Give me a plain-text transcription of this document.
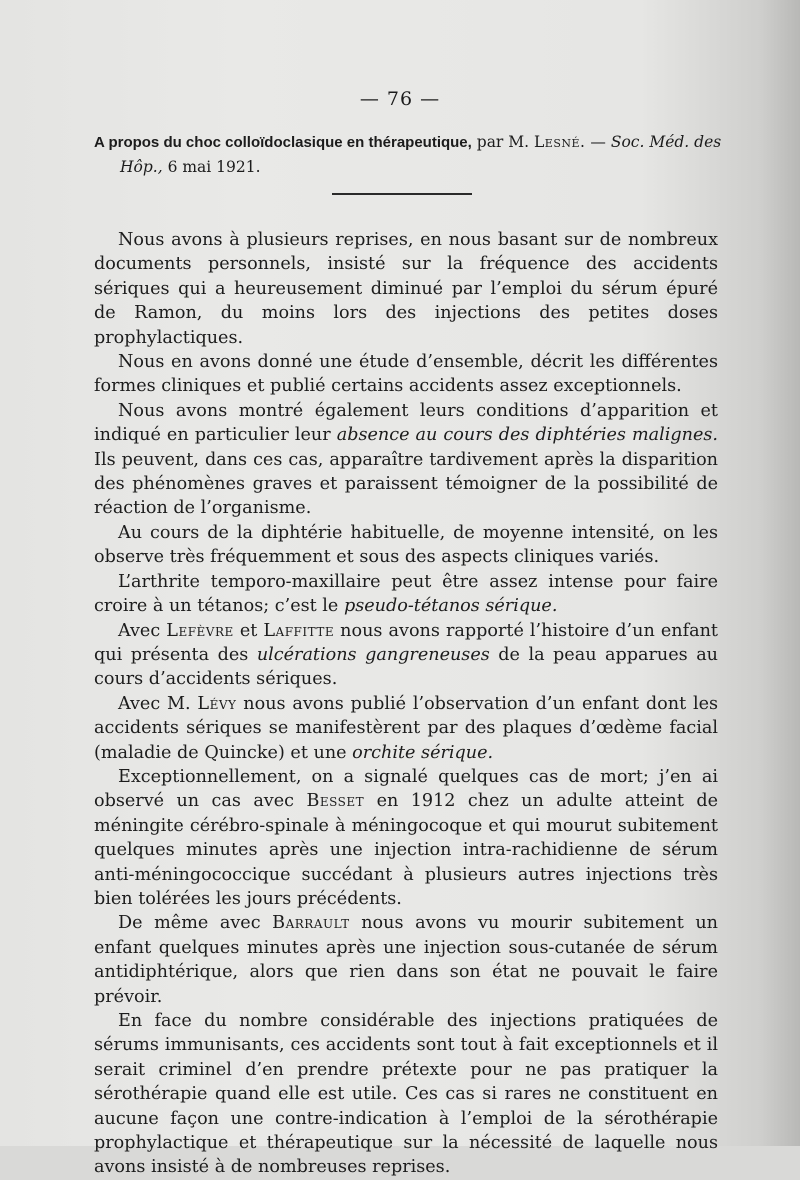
— 76 —
A propos du choc colloïdoclasique en thérapeutique, par M. Lesné. — Soc. Méd. des
Hôp., 6 mai 1921.

Nous avons à plusieurs reprises, en nous basant sur de nombreux documents personnels, insisté sur la fréquence des accidents sériques qui a heureusement diminué par l’emploi du sérum épuré de Ramon, du moins lors des injections des petites doses prophylactiques.

Nous en avons donné une étude d’ensemble, décrit les différentes formes cliniques et publié certains accidents assez exceptionnels.

Nous avons montré également leurs conditions d’apparition et indiqué en particulier leur absence au cours des diphtéries malignes. Ils peuvent, dans ces cas, apparaître tardivement après la disparition des phénomènes graves et paraissent témoigner de la possibilité de réaction de l’organisme.

Au cours de la diphtérie habituelle, de moyenne intensité, on les observe très fréquemment et sous des aspects cliniques variés.

L’arthrite temporo-maxillaire peut être assez intense pour faire croire à un tétanos; c’est le pseudo-tétanos sérique.

Avec Lefèvre et Laffitte nous avons rapporté l’histoire d’un enfant qui présenta des ulcérations gangreneuses de la peau apparues au cours d’accidents sériques.

Avec M. Lévy nous avons publié l’observation d’un enfant dont les accidents sériques se manifestèrent par des plaques d’œdème facial (maladie de Quincke) et une orchite sérique.

Exceptionnellement, on a signalé quelques cas de mort; j’en ai observé un cas avec Besset en 1912 chez un adulte atteint de méningite cérébro-spinale à méningocoque et qui mourut subitement quelques minutes après une injection intra-rachidienne de sérum anti-méningococcique succédant à plusieurs autres injections très bien tolérées les jours précédents.

De même avec Barrault nous avons vu mourir subitement un enfant quelques minutes après une injection sous-cutanée de sérum antidiphtérique, alors que rien dans son état ne pouvait le faire prévoir.

En face du nombre considérable des injections pratiquées de sérums immunisants, ces accidents sont tout à fait exceptionnels et il serait criminel d’en prendre prétexte pour ne pas pratiquer la sérothérapie quand elle est utile. Ces cas si rares ne constituent en aucune façon une contre-indication à l’emploi de la sérothérapie prophylactique et thérapeutique sur la nécessité de laquelle nous avons insisté à de nombreuses reprises.
